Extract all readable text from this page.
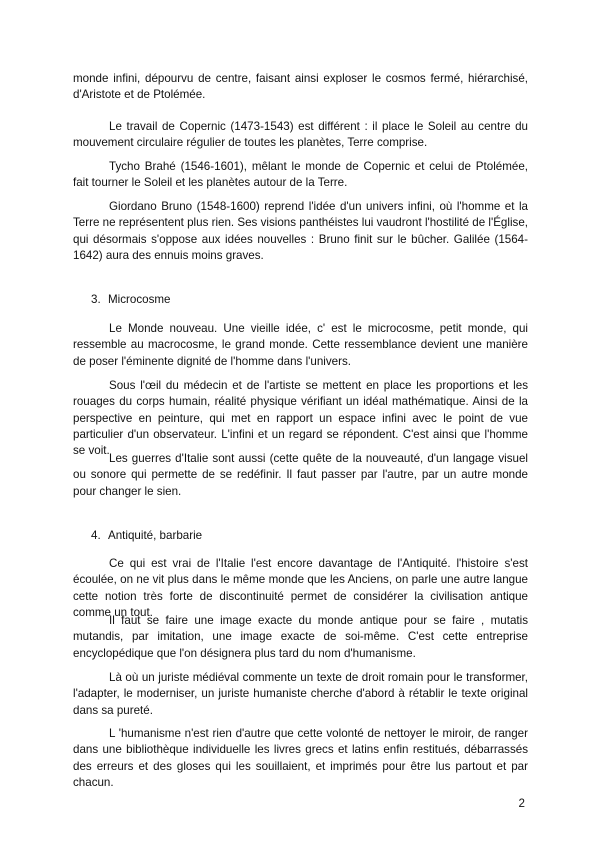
monde infini, dépourvu de centre, faisant ainsi exploser le cosmos fermé, hiérarchisé, d'Aristote et de Ptolémée.

Le travail de Copernic (1473-1543) est différent : il place le Soleil au centre du mouvement circulaire régulier de toutes les planètes, Terre comprise.

Tycho Brahé (1546-1601), mêlant le monde de Copernic et celui de Ptolémée, fait tourner le Soleil et les planètes autour de la Terre.

Giordano Bruno (1548-1600) reprend l'idée d'un univers infini, où l'homme et la Terre ne représentent plus rien. Ses visions panthéistes lui vaudront l'hostilité de l'Église, qui désormais s'oppose aux idées nouvelles : Bruno finit sur le bûcher. Galilée (1564-1642) aura des ennuis moins graves.

3. Microcosme

Le Monde nouveau. Une vieille idée, c' est le microcosme, petit monde, qui ressemble au macrocosme, le grand monde. Cette ressemblance devient une manière de poser l'éminente dignité de l'homme dans l'univers.

Sous l'œil du médecin et de l'artiste se mettent en place les proportions et les rouages du corps humain, réalité physique vérifiant un idéal mathématique. Ainsi de la perspective en peinture, qui met en rapport un espace infini avec le point de vue particulier d'un observateur. L'infini et un regard se répondent. C'est ainsi que l'homme se voit.

Les guerres d'Italie sont aussi (cette quête de la nouveauté, d'un langage visuel ou sonore qui permette de se redéfinir. Il faut passer par l'autre, par un autre monde pour changer le sien.

4. Antiquité, barbarie

Ce qui est vrai de l'Italie l'est encore davantage de l'Antiquité. l'histoire s'est écoulée, on ne vit plus dans le même monde que les Anciens, on parle une autre langue cette notion très forte de discontinuité permet de considérer la civilisation antique comme un tout.

Il faut se faire une image exacte du monde antique pour se faire , mutatis mutandis, par imitation, une image exacte de soi-même. C'est cette entreprise encyclopédique que l'on désignera plus tard du nom d'humanisme.

Là où un juriste médiéval commente un texte de droit romain pour le transformer, l'adapter, le moderniser, un juriste humaniste cherche d'abord à rétablir le texte original dans sa pureté.

L 'humanisme n'est rien d'autre que cette volonté de nettoyer le miroir, de ranger dans une bibliothèque individuelle les livres grecs et latins enfin restitués, débarrassés des erreurs et des gloses qui les souillaient, et imprimés pour être lus partout et par chacun.

2
